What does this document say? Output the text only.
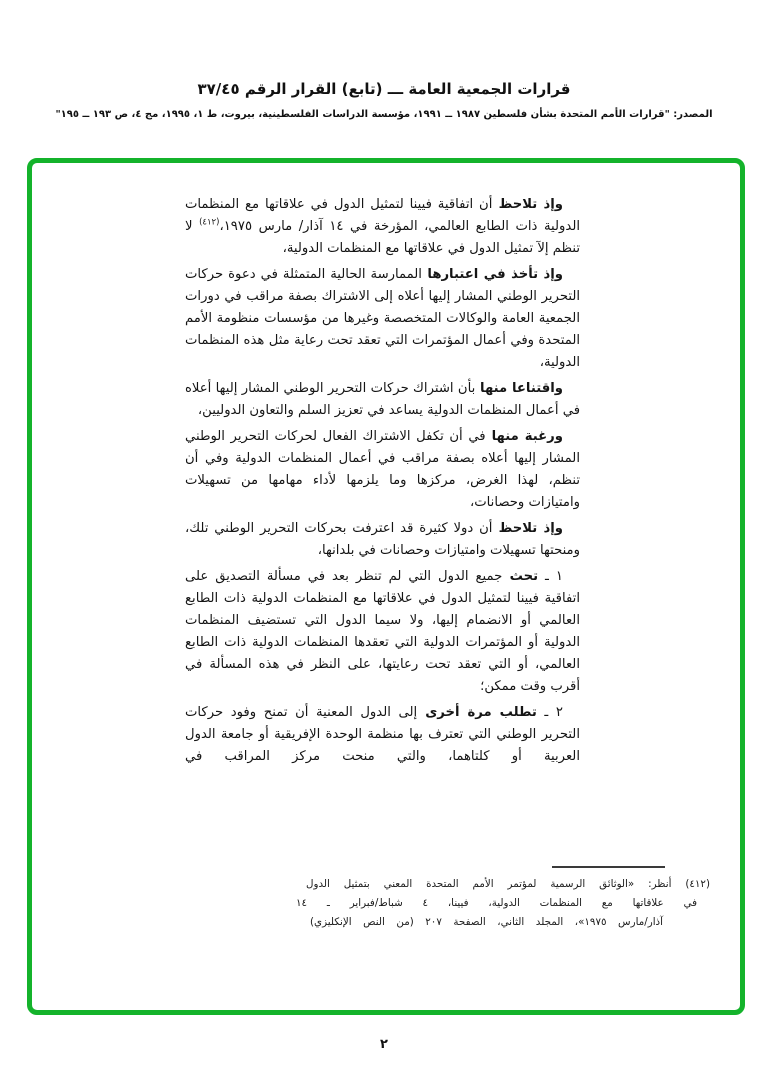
قرارات الجمعية العامة ـــ (تابع) القرار الرقم ٣٧/٤٥
المصدر: "قرارات الأمم المتحدة بشأن فلسطين ١٩٨٧ ــ ١٩٩١، مؤسسة الدراسات الفلسطينية، بيروت، ط ١، ١٩٩٥، مج ٤، ص ١٩٣ ــ ١٩٥"

وإذ تلاحظ أن اتفاقية فيينا لتمثيل الدول في علاقاتها مع المنظمات الدولية ذات الطابع العالمي، المؤرخة في ١٤ آذار/ مارس ١٩٧٥،$^{(٤١٢)}$ لا تنظم إلآ تمثيل الدول في علاقاتها مع المنظمات الدولية،

وإذ تأخذ في اعتبارها الممارسة الحالية المتمثلة في دعوة حركات التحرير الوطني المشار إليها أعلاه إلى الاشتراك بصفة مراقب في دورات الجمعية العامة والوكالات المتخصصة وغيرها من مؤسسات منظومة الأمم المتحدة وفي أعمال المؤتمرات التي تعقد تحت رعاية مثل هذه المنظمات الدولية،

واقتناعا منها بأن اشتراك حركات التحرير الوطني المشار إليها أعلاه في أعمال المنظمات الدولية يساعد في تعزيز السلم والتعاون الدوليين،

ورغبة منها في أن تكفل الاشتراك الفعال لحركات التحرير الوطني المشار إليها أعلاه بصفة مراقب في أعمال المنظمات الدولية وفي أن تنظم، لهذا الغرض، مركزها وما يلزمها لأداء مهامها من تسهيلات وامتيازات وحصانات،

وإذ تلاحظ أن دولا كثيرة قد اعترفت بحركات التحرير الوطني تلك، ومنحتها تسهيلات وامتيازات وحصانات في بلدانها،

١ ـ تحث جميع الدول التي لم تنظر بعد في مسألة التصديق على اتفاقية فيينا لتمثيل الدول في علاقاتها مع المنظمات الدولية ذات الطابع العالمي أو الانضمام إليها، ولا سيما الدول التي تستضيف المنظمات الدولية أو المؤتمرات الدولية التي تعقدها المنظمات الدولية ذات الطابع العالمي، أو التي تعقد تحت رعايتها، على النظر في هذه المسألة في أقرب وقت ممكن؛

٢ ـ تطلب مرة أخرى إلى الدول المعنية أن تمنح وفود حركات التحرير الوطني التي تعترف بها منظمة الوحدة الإفريقية أو جامعة الدول العربية أو كلتاهما، والتي منحت مركز المراقب في

(٤١٢) أنظر: «الوثائق الرسمية لمؤتمر الأمم المتحدة المعني بتمثيل الدول
في علاقاتها مع المنظمات الدولية، فيينا، ٤ شباط/فبراير ـ ١٤
آذار/مارس ١٩٧٥»، المجلد الثاني، الصفحة ٢٠٧ (من النص الإنكليزي)
٢
